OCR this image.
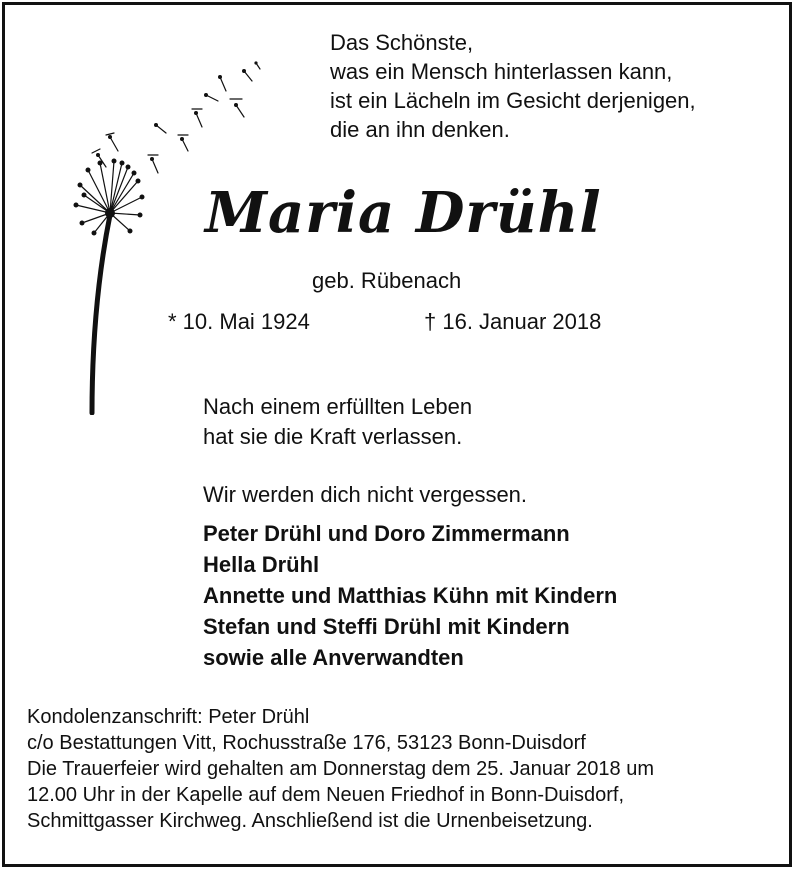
Das Schönste,
was ein Mensch hinterlassen kann,
ist ein Lächeln im Gesicht derjenigen,
die an ihn denken.
Maria Drühl
geb. Rübenach
* 10. Mai 1924	† 16. Januar 2018
Nach einem erfüllten Leben
hat sie die Kraft verlassen.
Wir werden dich nicht vergessen.
Peter Drühl und Doro Zimmermann
Hella Drühl
Annette und Matthias Kühn mit Kindern
Stefan und Steffi Drühl mit Kindern
sowie alle Anverwandten
Kondolenzanschrift: Peter Drühl
c/o Bestattungen Vitt, Rochusstraße 176, 53123 Bonn-Duisdorf
Die Trauerfeier wird gehalten am Donnerstag dem 25. Januar 2018 um
12.00 Uhr in der Kapelle auf dem Neuen Friedhof in Bonn-Duisdorf,
Schmittgasser Kirchweg. Anschließend ist die Urnenbeisetzung.
